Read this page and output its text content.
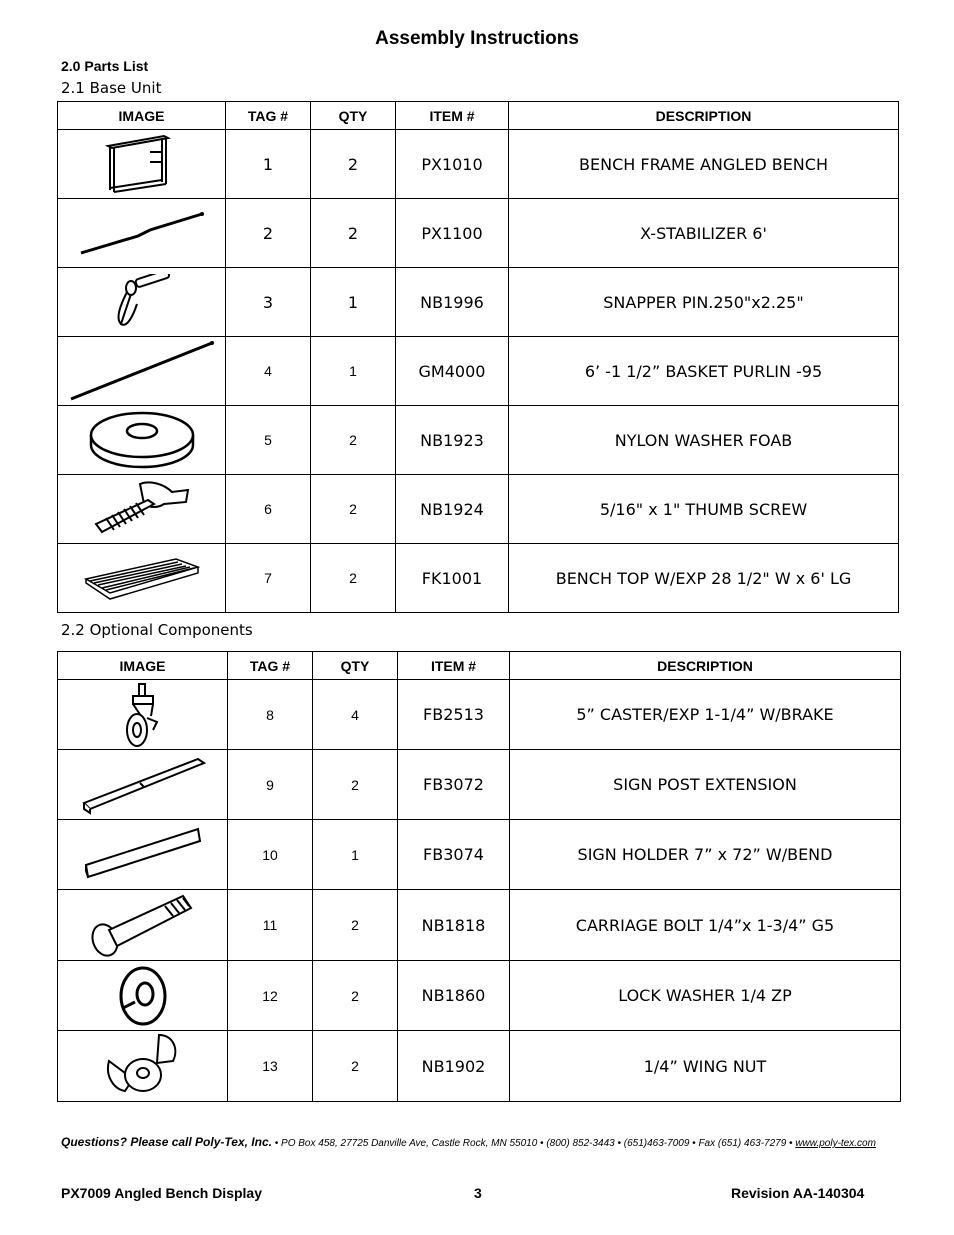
Assembly Instructions
2.0 Parts List
2.1 Base Unit
IMAGE	TAG #	QTY	ITEM #	DESCRIPTION

	1	2	PX1010	BENCH FRAME ANGLED BENCH

	2	2	PX1100	X-STABILIZER 6'

	3	1	NB1996	SNAPPER PIN.250"x2.25"

	4	1	GM4000	6’ -1 1/2” BASKET PURLIN -95

	5	2	NB1923	NYLON WASHER FOAB

	6	2	NB1924	5/16" x 1" THUMB SCREW

	7	2	FK1001	BENCH TOP W/EXP 28 1/2" W x 6' LG
2.2 Optional Components
IMAGE	TAG #	QTY	ITEM #	DESCRIPTION

	8	4	FB2513	5” CASTER/EXP 1-1/4” W/BRAKE

	9	2	FB3072	SIGN POST EXTENSION

	10	1	FB3074	SIGN HOLDER 7” x 72” W/BEND

	11	2	NB1818	CARRIAGE BOLT 1/4”x 1-3/4” G5

	12	2	NB1860	LOCK WASHER 1/4 ZP

	13	2	NB1902	1/4” WING NUT
Questions? Please call Poly-Tex, Inc. • PO Box 458, 27725 Danville Ave, Castle Rock, MN 55010 • (800) 852-3443 • (651)463-7009 • Fax (651) 463-7279 • www.poly-tex.com
PX7009 Angled Bench Display	3	Revision AA-140304
